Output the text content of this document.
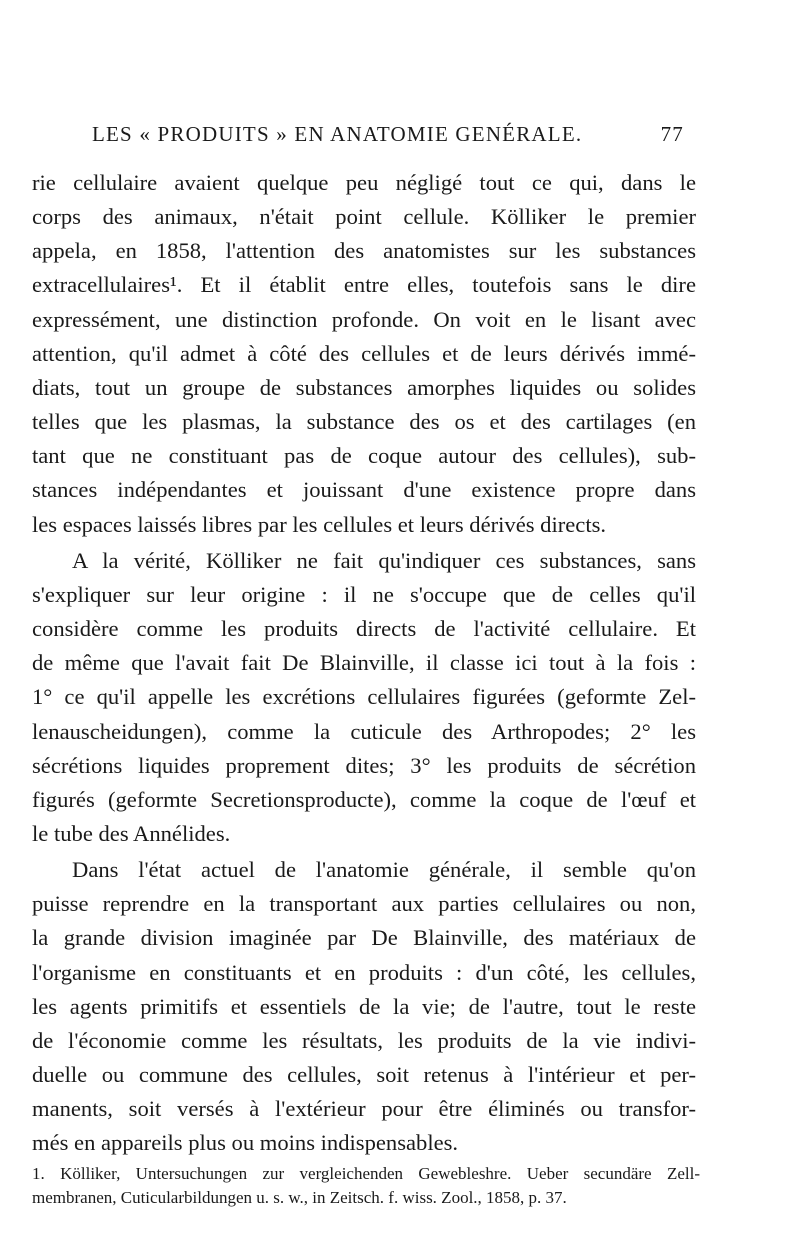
LES « PRODUITS » EN ANATOMIE GENÉRALE.	77

rie cellulaire avaient quelque peu négligé tout ce qui, dans le
corps des animaux, n'était point cellule. Kölliker le premier
appela, en 1858, l'attention des anatomistes sur les substances
extracellulaires¹. Et il établit entre elles, toutefois sans le dire
expressément, une distinction profonde. On voit en le lisant avec
attention, qu'il admet à côté des cellules et de leurs dérivés immé-
diats, tout un groupe de substances amorphes liquides ou solides
telles que les plasmas, la substance des os et des cartilages (en
tant que ne constituant pas de coque autour des cellules), sub-
stances indépendantes et jouissant d'une existence propre dans
les espaces laissés libres par les cellules et leurs dérivés directs.

A la vérité, Kölliker ne fait qu'indiquer ces substances, sans
s'expliquer sur leur origine : il ne s'occupe que de celles qu'il
considère comme les produits directs de l'activité cellulaire. Et
de même que l'avait fait De Blainville, il classe ici tout à la fois :
1° ce qu'il appelle les excrétions cellulaires figurées (geformte Zel-
lenauscheidungen), comme la cuticule des Arthropodes; 2° les
sécrétions liquides proprement dites; 3° les produits de sécrétion
figurés (geformte Secretionsproducte), comme la coque de l'œuf et
le tube des Annélides.

Dans l'état actuel de l'anatomie générale, il semble qu'on
puisse reprendre en la transportant aux parties cellulaires ou non,
la grande division imaginée par De Blainville, des matériaux de
l'organisme en constituants et en produits : d'un côté, les cellules,
les agents primitifs et essentiels de la vie; de l'autre, tout le reste
de l'économie comme les résultats, les produits de la vie indivi-
duelle ou commune des cellules, soit retenus à l'intérieur et per-
manents, soit versés à l'extérieur pour être éliminés ou transfor-
més en appareils plus ou moins indispensables.

1. Kölliker, Untersuchungen zur vergleichenden Gewebleshre. Ueber secundäre Zell-
membranen, Cuticularbildungen u. s. w., in Zeitsch. f. wiss. Zool., 1858, p. 37.
